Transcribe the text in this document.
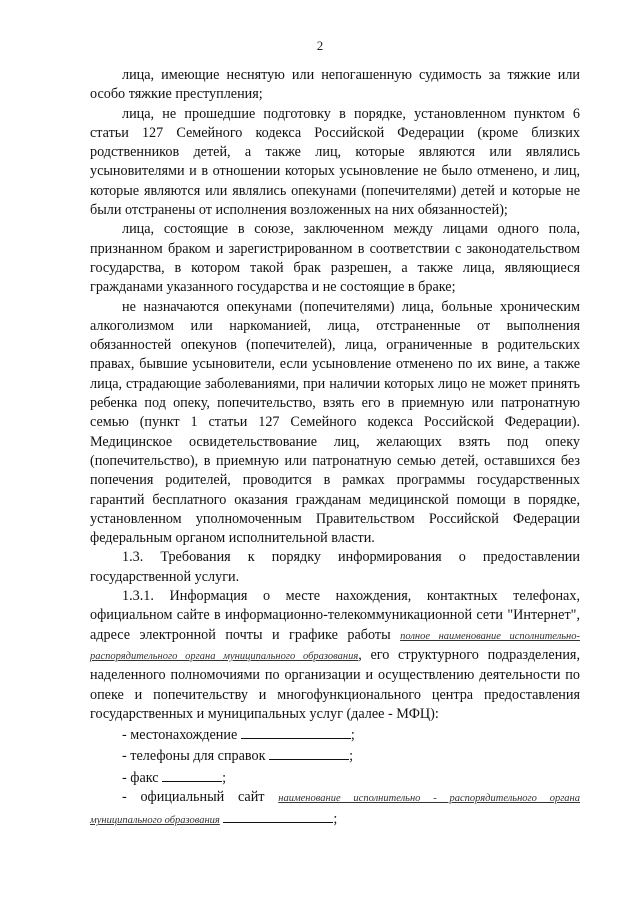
2

лица, имеющие неснятую или непогашенную судимость за тяжкие или особо тяжкие преступления;

лица, не прошедшие подготовку в порядке, установленном пунктом 6 статьи 127 Семейного кодекса Российской Федерации (кроме близких родственников детей, а также лиц, которые являются или являлись усыновителями и в отношении которых усыновление не было отменено, и лиц, которые являются или являлись опекунами (попечителями) детей и которые не были отстранены от исполнения возложенных на них обязанностей);

лица, состоящие в союзе, заключенном между лицами одного пола, признанном браком и зарегистрированном в соответствии с законодательством государства, в котором такой брак разрешен, а также лица, являющиеся гражданами указанного государства и не состоящие в браке;

не назначаются опекунами (попечителями) лица, больные хроническим алкоголизмом или наркоманией, лица, отстраненные от выполнения обязанностей опекунов (попечителей), лица, ограниченные в родительских правах, бывшие усыновители, если усыновление отменено по их вине, а также лица, страдающие заболеваниями, при наличии которых лицо не может принять ребенка под опеку, попечительство, взять его в приемную или патронатную семью (пункт 1 статьи 127 Семейного кодекса Российской Федерации). Медицинское освидетельствование лиц, желающих взять под опеку (попечительство), в приемную или патронатную семью детей, оставшихся без попечения родителей, проводится в рамках программы государственных гарантий бесплатного оказания гражданам медицинской помощи в порядке, установленном уполномоченным Правительством Российской Федерации федеральным органом исполнительной власти.

1.3. Требования к порядку информирования о предоставлении государственной услуги.

1.3.1. Информация о месте нахождения, контактных телефонах, официальном сайте в информационно-телекоммуникационной сети "Интернет", адресе электронной почты и графике работы полное наименование исполнительно-распорядительного органа муниципального образования, его структурного подразделения, наделенного полномочиями по организации и осуществлению деятельности по опеке и попечительству и многофункционального центра предоставления государственных и муниципальных услуг (далее - МФЦ):

- местонахождение	;
- телефоны для справок	;
- факс	;

- официальный сайт наименование исполнительно - распорядительного органа муниципального образования	;
